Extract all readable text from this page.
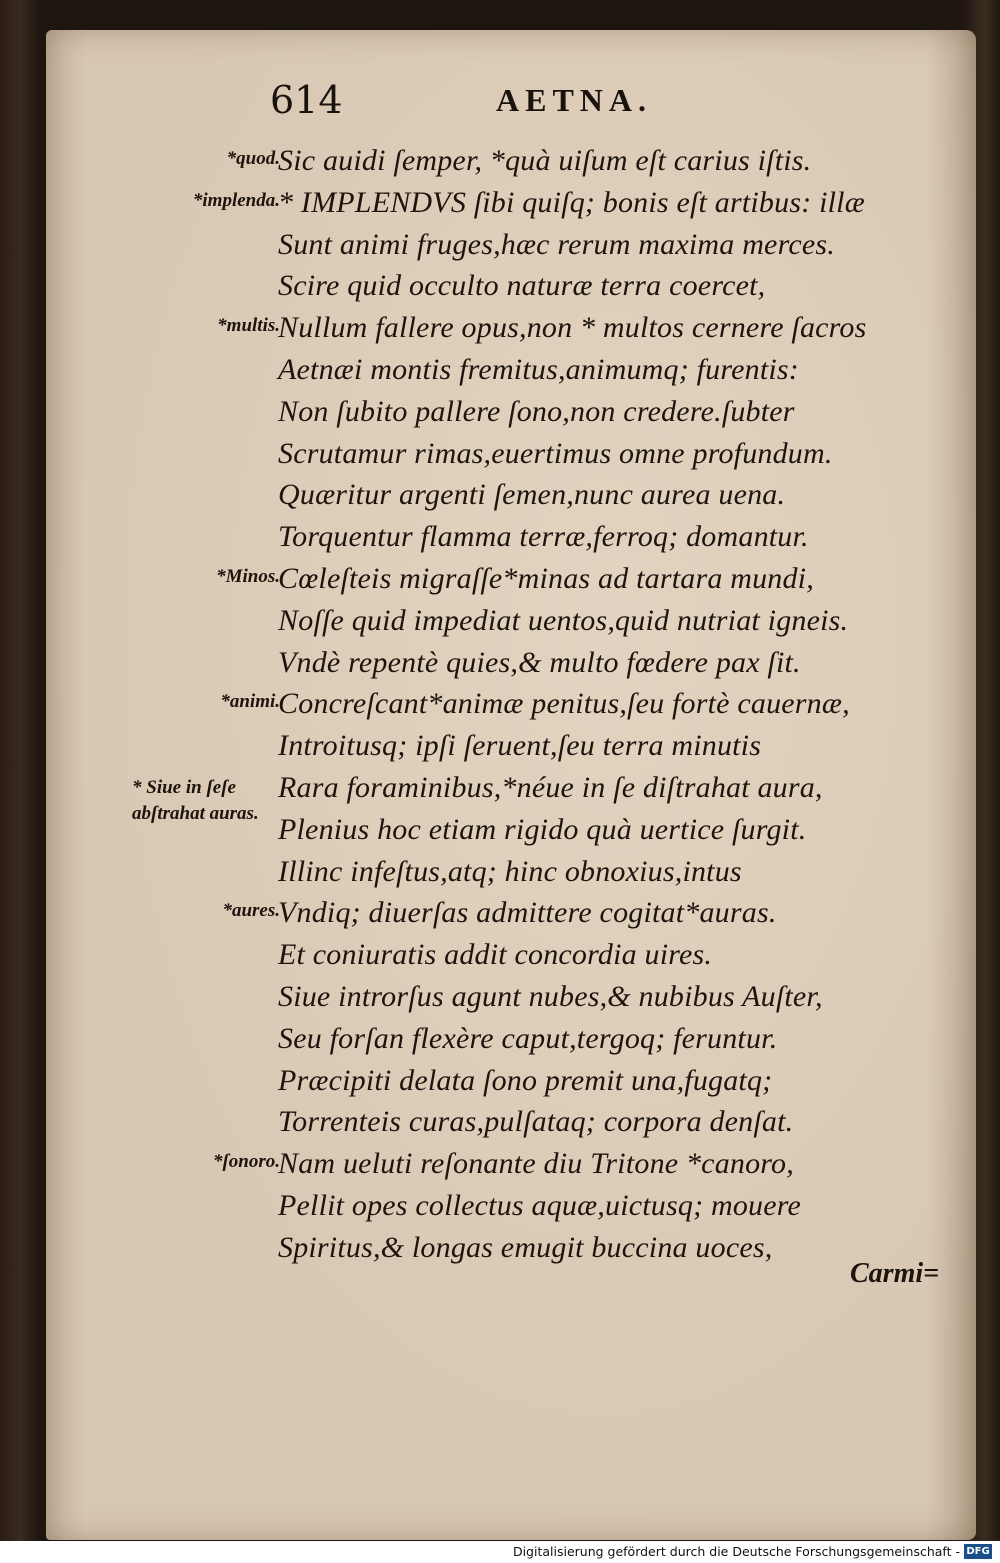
614	AETNA.
*quod.
*implenda.
*multis.
*Minos.
*animi.
* Siue in ſeſe abſtrahat auras.
*aures.
*ſonoro.
Sic auidi ſemper, *quà uiſum eſt carius iſtis.
* IMPLENDVS ſibi quiſq; bonis eſt artibus: illæ
Sunt animi fruges,hæc rerum maxima merces.
Scire quid occulto naturæ terra coercet,
Nullum fallere opus,non * multos cernere ſacros
Aetnæi montis fremitus,animumq; furentis:
Non ſubito pallere ſono,non credere.ſubter
Scrutamur rimas,euertimus omne profundum.
Quæritur argenti ſemen,nunc aurea uena.
Torquentur flamma terræ,ferroq; domantur.
Cœleſteis migraſſe*minas ad tartara mundi,
Noſſe quid impediat uentos,quid nutriat igneis.
Vndè repentè quies,& multo fœdere pax ſit.
Concreſcant*animæ penitus,ſeu fortè cauernæ,
Introitusq; ipſi ſeruent,ſeu terra minutis
Rara foraminibus,*néue in ſe diſtrahat aura,
Plenius hoc etiam rigido quà uertice ſurgit.
Illinc infeſtus,atq; hinc obnoxius,intus
Vndiq; diuerſas admittere cogitat*auras.
Et coniuratis addit concordia uires.
Siue introrſus agunt nubes,& nubibus Auſter,
Seu forſan flexère caput,tergoq; feruntur.
Præcipiti delata ſono premit una,fugatq;
Torrenteis curas,pulſataq; corpora denſat.
Nam ueluti reſonante diu Tritone *canoro,
Pellit opes collectus aquæ,uictusq; mouere
Spiritus,& longas emugit buccina uoces,
Carmi=
Digitalisierung gefördert durch die Deutsche Forschungsgemeinschaft - DFG
